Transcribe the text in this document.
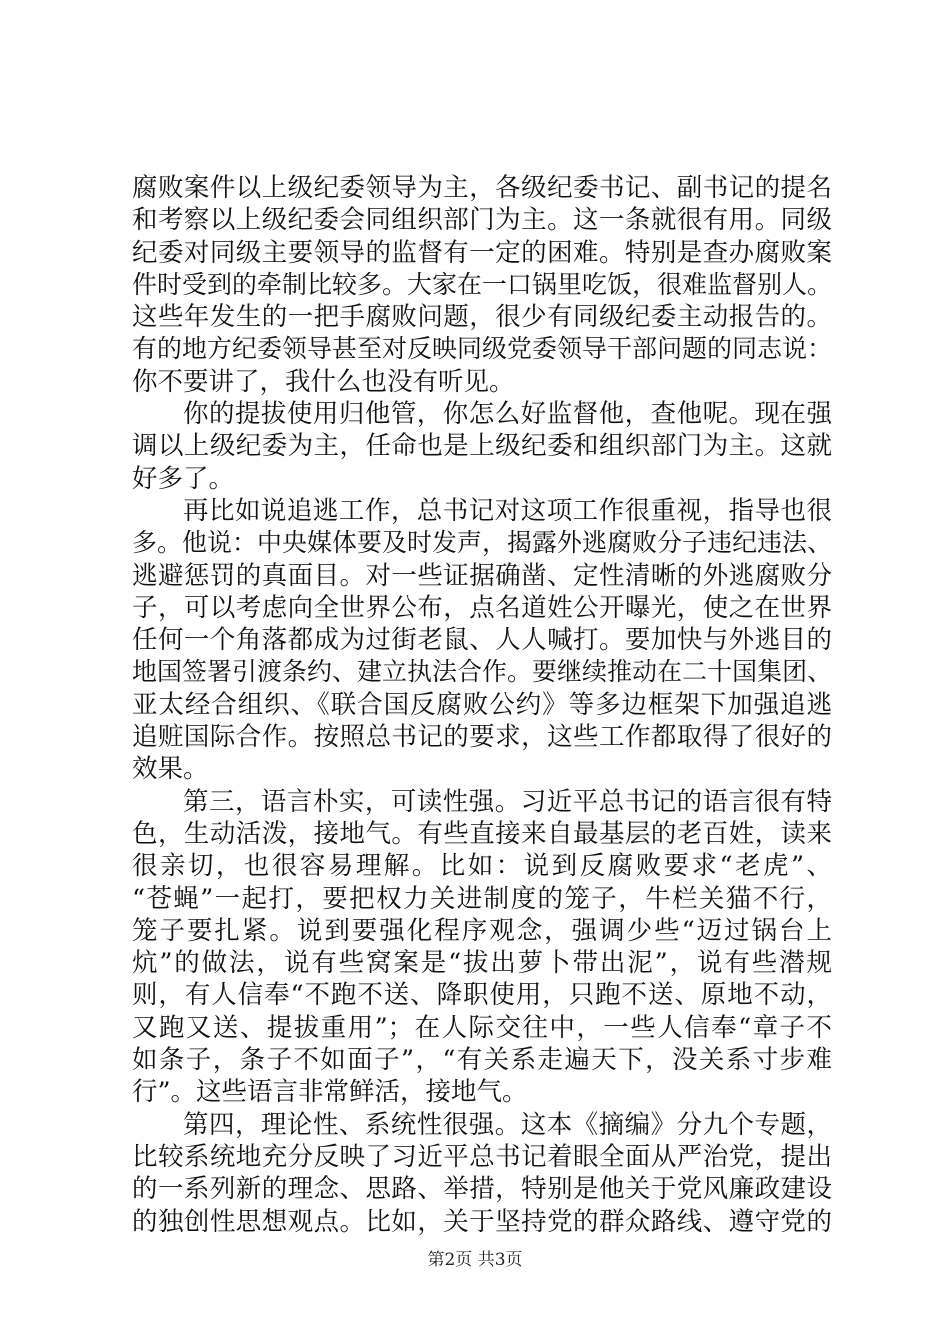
腐败案件以上级纪委领导为主，各级纪委书记、副书记的提名
和考察以上级纪委会同组织部门为主。这一条就很有用。同级
纪委对同级主要领导的监督有一定的困难。特别是查办腐败案
件时受到的牵制比较多。大家在一口锅里吃饭，很难监督别人。
这些年发生的一把手腐败问题，很少有同级纪委主动报告的。
有的地方纪委领导甚至对反映同级党委领导干部问题的同志说：
你不要讲了，我什么也没有听见。
你的提拔使用归他管，你怎么好监督他，查他呢。现在强
调以上级纪委为主，任命也是上级纪委和组织部门为主。这就
好多了。
再比如说追逃工作，总书记对这项工作很重视，指导也很
多。他说：中央媒体要及时发声，揭露外逃腐败分子违纪违法、
逃避惩罚的真面目。对一些证据确凿、定性清晰的外逃腐败分
子，可以考虑向全世界公布，点名道姓公开曝光，使之在世界
任何一个角落都成为过街老鼠、人人喊打。要加快与外逃目的
地国签署引渡条约、建立执法合作。要继续推动在二十国集团、
亚太经合组织、《联合国反腐败公约》等多边框架下加强追逃
追赃国际合作。按照总书记的要求，这些工作都取得了很好的
效果。
第三，语言朴实，可读性强。习近平总书记的语言很有特
色，生动活泼，接地气。有些直接来自最基层的老百姓，读来
很亲切，也很容易理解。比如：说到反腐败要求“老虎”、
“苍蝇”一起打，要把权力关进制度的笼子，牛栏关猫不行，
笼子要扎紧。说到要强化程序观念，强调少些“迈过锅台上
炕”的做法，说有些窝案是“拔出萝卜带出泥”，说有些潜规
则，有人信奉“不跑不送、降职使用，只跑不送、原地不动，
又跑又送、提拔重用”；在人际交往中，一些人信奉“章子不
如条子，条子不如面子”，“有关系走遍天下，没关系寸步难
行”。这些语言非常鲜活，接地气。
第四，理论性、系统性很强。这本《摘编》分九个专题，
比较系统地充分反映了习近平总书记着眼全面从严治党，提出
的一系列新的理念、思路、举措，特别是他关于党风廉政建设
的独创性思想观点。比如，关于坚持党的群众路线、遵守党的
第2页 共3页
